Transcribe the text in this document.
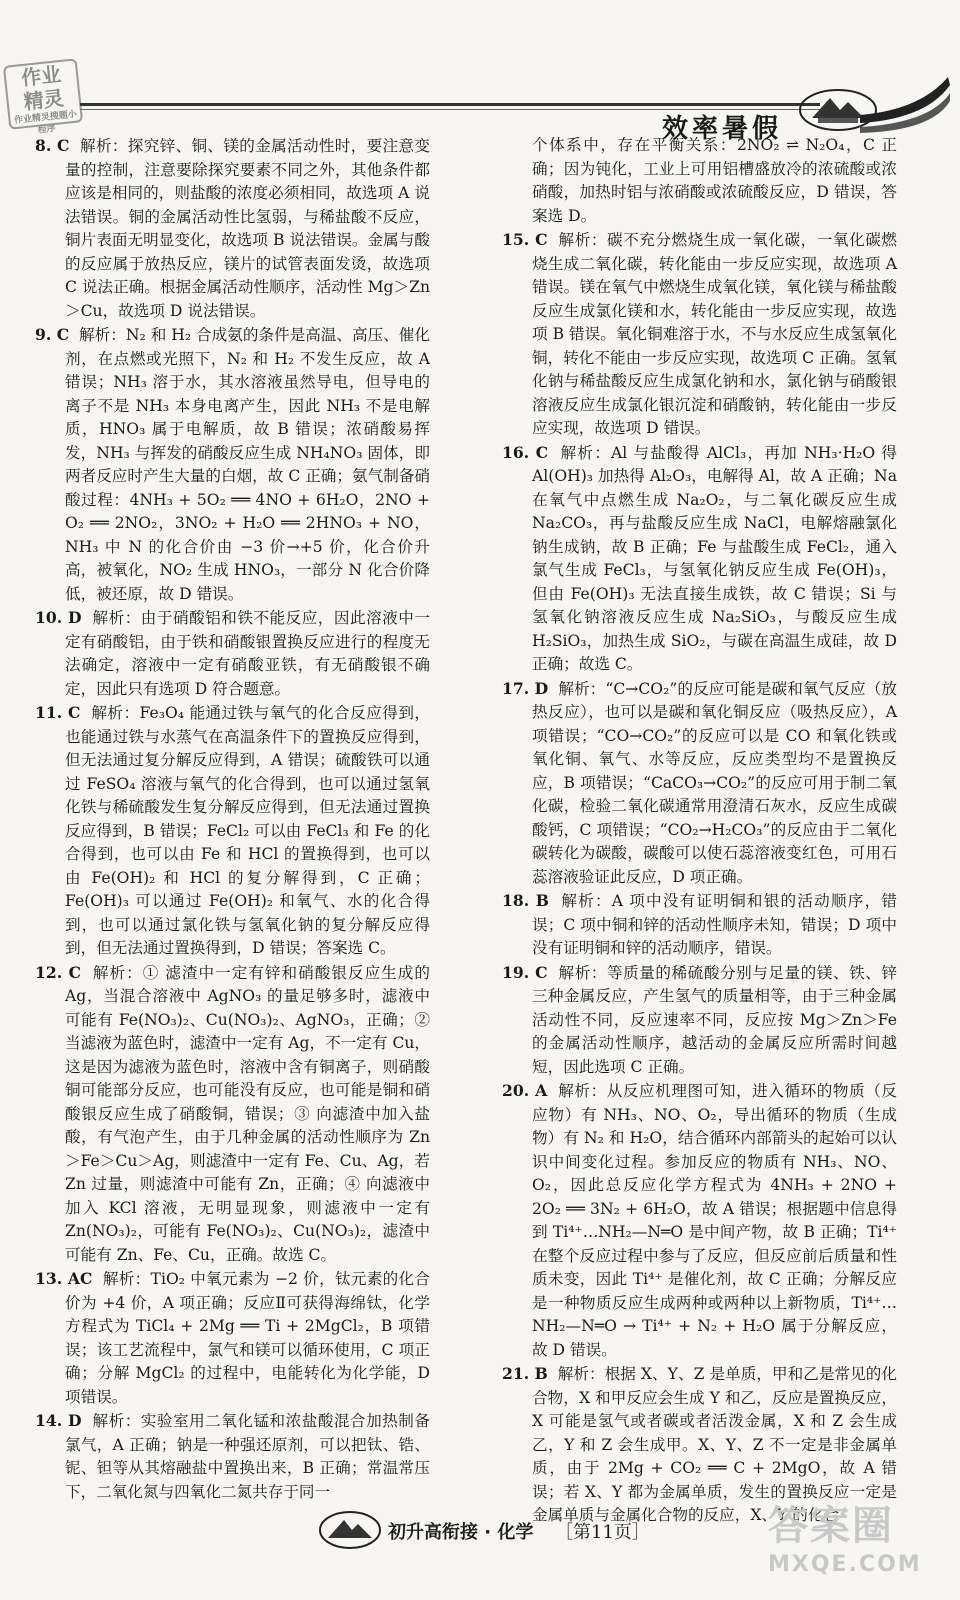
作业
精灵
作业精灵搜题小程序	效率暑假

8. C 解析：探究锌、铜、镁的金属活动性时，要注意变量的控制，注意要除探究要素不同之外，其他条件都应该是相同的，则盐酸的浓度必须相同，故选项 A 说法错误。铜的金属活动性比氢弱，与稀盐酸不反应，铜片表面无明显变化，故选项 B 说法错误。金属与酸的反应属于放热反应，镁片的试管表面发烫，故选项 C 说法正确。根据金属活动性顺序，活动性 Mg＞Zn＞Cu，故选项 D 说法错误。

9. C 解析：N₂ 和 H₂ 合成氨的条件是高温、高压、催化剂，在点燃或光照下，N₂ 和 H₂ 不发生反应，故 A 错误；NH₃ 溶于水，其水溶液虽然导电，但导电的离子不是 NH₃ 本身电离产生，因此 NH₃ 不是电解质，HNO₃ 属于电解质，故 B 错误；浓硝酸易挥发，NH₃ 与挥发的硝酸反应生成 NH₄NO₃ 固体，即两者反应时产生大量的白烟，故 C 正确；氨气制备硝酸过程：4NH₃ + 5O₂ ══ 4NO + 6H₂O，2NO + O₂ ══ 2NO₂，3NO₂ + H₂O ══ 2HNO₃ + NO，NH₃ 中 N 的化合价由 −3 价→+5 价，化合价升高，被氧化，NO₂ 生成 HNO₃，一部分 N 化合价降低，被还原，故 D 错误。

10. D 解析：由于硝酸铝和铁不能反应，因此溶液中一定有硝酸铝，由于铁和硝酸银置换反应进行的程度无法确定，溶液中一定有硝酸亚铁，有无硝酸银不确定，因此只有选项 D 符合题意。

11. C 解析：Fe₃O₄ 能通过铁与氧气的化合反应得到，也能通过铁与水蒸气在高温条件下的置换反应得到，但无法通过复分解反应得到，A 错误；硫酸铁可以通过 FeSO₄ 溶液与氧气的化合得到，也可以通过氢氧化铁与稀硫酸发生复分解反应得到，但无法通过置换反应得到，B 错误；FeCl₂ 可以由 FeCl₃ 和 Fe 的化合得到，也可以由 Fe 和 HCl 的置换得到，也可以由 Fe(OH)₂ 和 HCl 的复分解得到，C 正确；Fe(OH)₃ 可以通过 Fe(OH)₂ 和氧气、水的化合得到，也可以通过氯化铁与氢氧化钠的复分解反应得到，但无法通过置换得到，D 错误；答案选 C。

12. C 解析：① 滤渣中一定有锌和硝酸银反应生成的 Ag，当混合溶液中 AgNO₃ 的量足够多时，滤液中可能有 Fe(NO₃)₂、Cu(NO₃)₂、AgNO₃，正确；② 当滤液为蓝色时，滤渣中一定有 Ag，不一定有 Cu，这是因为滤液为蓝色时，溶液中含有铜离子，则硝酸铜可能部分反应，也可能没有反应，也可能是铜和硝酸银反应生成了硝酸铜，错误；③ 向滤渣中加入盐酸，有气泡产生，由于几种金属的活动性顺序为 Zn＞Fe＞Cu＞Ag，则滤渣中一定有 Fe、Cu、Ag，若 Zn 过量，则滤渣中可能有 Zn，正确；④ 向滤液中加入 KCl 溶液，无明显现象，则滤液中一定有 Zn(NO₃)₂，可能有 Fe(NO₃)₂、Cu(NO₃)₂，滤渣中可能有 Zn、Fe、Cu，正确。故选 C。

13. AC 解析：TiO₂ 中氧元素为 −2 价，钛元素的化合价为 +4 价，A 项正确；反应Ⅱ可获得海绵钛，化学方程式为 TiCl₄ + 2Mg ══ Ti + 2MgCl₂，B 项错误；该工艺流程中，氯气和镁可以循环使用，C 项正确；分解 MgCl₂ 的过程中，电能转化为化学能，D 项错误。

14. D 解析：实验室用二氧化锰和浓盐酸混合加热制备氯气，A 正确；钠是一种强还原剂，可以把钛、锆、铌、钽等从其熔融盐中置换出来，B 正确；常温常压下，二氧化氮与四氧化二氮共存于同一

个体系中，存在平衡关系：2NO₂ ⇌ N₂O₄，C 正确；因为钝化，工业上可用铝槽盛放冷的浓硫酸或浓硝酸，加热时铝与浓硝酸或浓硫酸反应，D 错误，答案选 D。

15. C 解析：碳不充分燃烧生成一氧化碳，一氧化碳燃烧生成二氧化碳，转化能由一步反应实现，故选项 A 错误。镁在氧气中燃烧生成氧化镁，氧化镁与稀盐酸反应生成氯化镁和水，转化能由一步反应实现，故选项 B 错误。氧化铜难溶于水，不与水反应生成氢氧化铜，转化不能由一步反应实现，故选项 C 正确。氢氧化钠与稀盐酸反应生成氯化钠和水，氯化钠与硝酸银溶液反应生成氯化银沉淀和硝酸钠，转化能由一步反应实现，故选项 D 错误。

16. C 解析：Al 与盐酸得 AlCl₃，再加 NH₃·H₂O 得 Al(OH)₃ 加热得 Al₂O₃，电解得 Al，故 A 正确；Na 在氧气中点燃生成 Na₂O₂，与二氧化碳反应生成 Na₂CO₃，再与盐酸反应生成 NaCl，电解熔融氯化钠生成钠，故 B 正确；Fe 与盐酸生成 FeCl₂，通入氯气生成 FeCl₃，与氢氧化钠反应生成 Fe(OH)₃，但由 Fe(OH)₃ 无法直接生成铁，故 C 错误；Si 与氢氧化钠溶液反应生成 Na₂SiO₃，与酸反应生成 H₂SiO₃，加热生成 SiO₂，与碳在高温生成硅，故 D 正确；故选 C。

17. D 解析：“C→CO₂”的反应可能是碳和氧气反应（放热反应），也可以是碳和氧化铜反应（吸热反应），A 项错误；“CO→CO₂”的反应可以是 CO 和氧化铁或氧化铜、氧气、水等反应，反应类型均不是置换反应，B 项错误；“CaCO₃→CO₂”的反应可用于制二氧化碳，检验二氧化碳通常用澄清石灰水，反应生成碳酸钙，C 项错误；“CO₂→H₂CO₃”的反应由于二氧化碳转化为碳酸，碳酸可以使石蕊溶液变红色，可用石蕊溶液验证此反应，D 项正确。

18. B 解析：A 项中没有证明铜和银的活动顺序，错误；C 项中铜和锌的活动性顺序未知，错误；D 项中没有证明铜和锌的活动顺序，错误。

19. C 解析：等质量的稀硫酸分别与足量的镁、铁、锌三种金属反应，产生氢气的质量相等，由于三种金属活动性不同，反应速率不同，反应按 Mg＞Zn＞Fe 的金属活动性顺序，越活动的金属反应所需时间越短，因此选项 C 正确。

20. A 解析：从反应机理图可知，进入循环的物质（反应物）有 NH₃、NO、O₂，导出循环的物质（生成物）有 N₂ 和 H₂O，结合循环内部箭头的起始可以认识中间变化过程。参加反应的物质有 NH₃、NO、O₂，因此总反应化学方程式为 4NH₃ + 2NO + 2O₂ ══ 3N₂ + 6H₂O，故 A 错误；根据题中信息得到 Ti⁴⁺…NH₂—N═O 是中间产物，故 B 正确；Ti⁴⁺ 在整个反应过程中参与了反应，但反应前后质量和性质未变，因此 Ti⁴⁺ 是催化剂，故 C 正确；分解反应是一种物质反应生成两种或两种以上新物质，Ti⁴⁺…NH₂—N═O → Ti⁴⁺ + N₂ + H₂O 属于分解反应，故 D 错误。

21. B 解析：根据 X、Y、Z 是单质，甲和乙是常见的化合物，X 和甲反应会生成 Y 和乙，反应是置换反应，X 可能是氢气或者碳或者活泼金属，X 和 Z 会生成乙，Y 和 Z 会生成甲。X、Y、Z 不一定是非金属单质，由于 2Mg + CO₂ ══ C + 2MgO，故 A 错误；若 X、Y 都为金属单质，发生的置换反应一定是金属单质与金属化合物的反应，X、Y 的化合

初升高衔接 · 化学 ［第11页］	答案圈
MXQE.COM
